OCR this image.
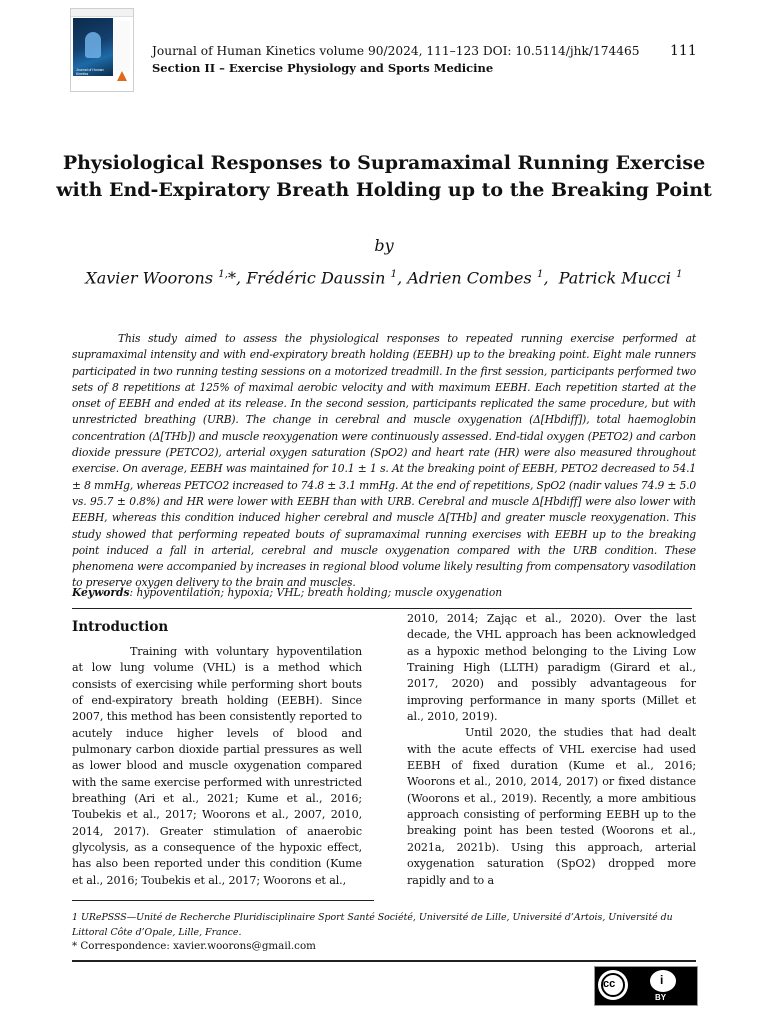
Journal of Human Kinetics
Journal of Human Kinetics volume 90/2024, 111–123 DOI: 10.5114/jhk/174465
Section II – Exercise Physiology and Sports Medicine
111
Physiological Responses to Supramaximal Running Exercise
with End-Expiratory Breath Holding up to the Breaking Point
by
Xavier Woorons $^{1,}$*, Frédéric Daussin $^1$, Adrien Combes $^1$,  Patrick Mucci $^1$
This study aimed to assess the physiological responses to repeated running exercise performed at supramaximal intensity and with end-expiratory breath holding (EEBH) up to the breaking point. Eight male runners participated in two running testing sessions on a motorized treadmill. In the first session, participants performed two sets of 8 repetitions at 125% of maximal aerobic velocity and with maximum EEBH. Each repetition started at the onset of EEBH and ended at its release. In the second session, participants replicated the same procedure, but with unrestricted breathing (URB). The change in cerebral and muscle oxygenation (Δ[Hbdiff]), total haemoglobin concentration (Δ[THb]) and muscle reoxygenation were continuously assessed. End-tidal oxygen (PETO2) and carbon dioxide pressure (PETCO2), arterial oxygen saturation (SpO2) and heart rate (HR) were also measured throughout exercise. On average, EEBH was maintained for 10.1 ± 1 s. At the breaking point of EEBH, PETO2 decreased to 54.1 ± 8 mmHg, whereas PETCO2 increased to 74.8 ± 3.1 mmHg. At the end of repetitions, SpO2 (nadir values 74.9 ± 5.0 vs. 95.7 ± 0.8%) and HR were lower with EEBH than with URB. Cerebral and muscle Δ[Hbdiff] were also lower with EEBH, whereas this condition induced higher cerebral and muscle Δ[THb] and greater muscle reoxygenation. This study showed that performing repeated bouts of supramaximal running exercises with EEBH up to the breaking point induced a fall in arterial, cerebral and muscle oxygenation compared with the URB condition. These phenomena were accompanied by increases in regional blood volume likely resulting from compensatory vasodilation to preserve oxygen delivery to the brain and muscles.
Keywords: hypoventilation; hypoxia; VHL; breath holding; muscle oxygenation
Introduction

Training with voluntary hypoventilation at low lung volume (VHL) is a method which consists of exercising while performing short bouts of end-expiratory breath holding (EEBH). Since 2007, this method has been consistently reported to acutely induce higher levels of blood and pulmonary carbon dioxide partial pressures as well as lower blood and muscle oxygenation compared with the same exercise performed with unrestricted breathing (Ari et al., 2021; Kume et al., 2016; Toubekis et al., 2017; Woorons et al., 2007, 2010, 2014, 2017). Greater stimulation of anaerobic glycolysis, as a consequence of the hypoxic effect, has also been reported under this condition (Kume et al., 2016; Toubekis et al., 2017; Woorons et al.,

2010, 2014; Zając et al., 2020). Over the last decade, the VHL approach has been acknowledged as a hypoxic method belonging to the Living Low Training High (LLTH) paradigm (Girard et al., 2017, 2020) and possibly advantageous for improving performance in many sports (Millet et al., 2010, 2019).

Until 2020, the studies that had dealt with the acute effects of VHL exercise had used EEBH of fixed duration (Kume et al., 2016; Woorons et al., 2010, 2014, 2017) or fixed distance (Woorons et al., 2019). Recently, a more ambitious approach consisting of performing EEBH up to the breaking point has been tested (Woorons et al., 2021a, 2021b). Using this approach, arterial oxygenation saturation (SpO2) dropped more rapidly and to a

1 URePSSS—Unité de Recherche Pluridisciplinaire Sport Santé Société, Université de Lille, Université d’Artois, Université du Littoral Côte d’Opale, Lille, France.
* Correspondence: xavier.woorons@gmail.com
cc	i
BY
